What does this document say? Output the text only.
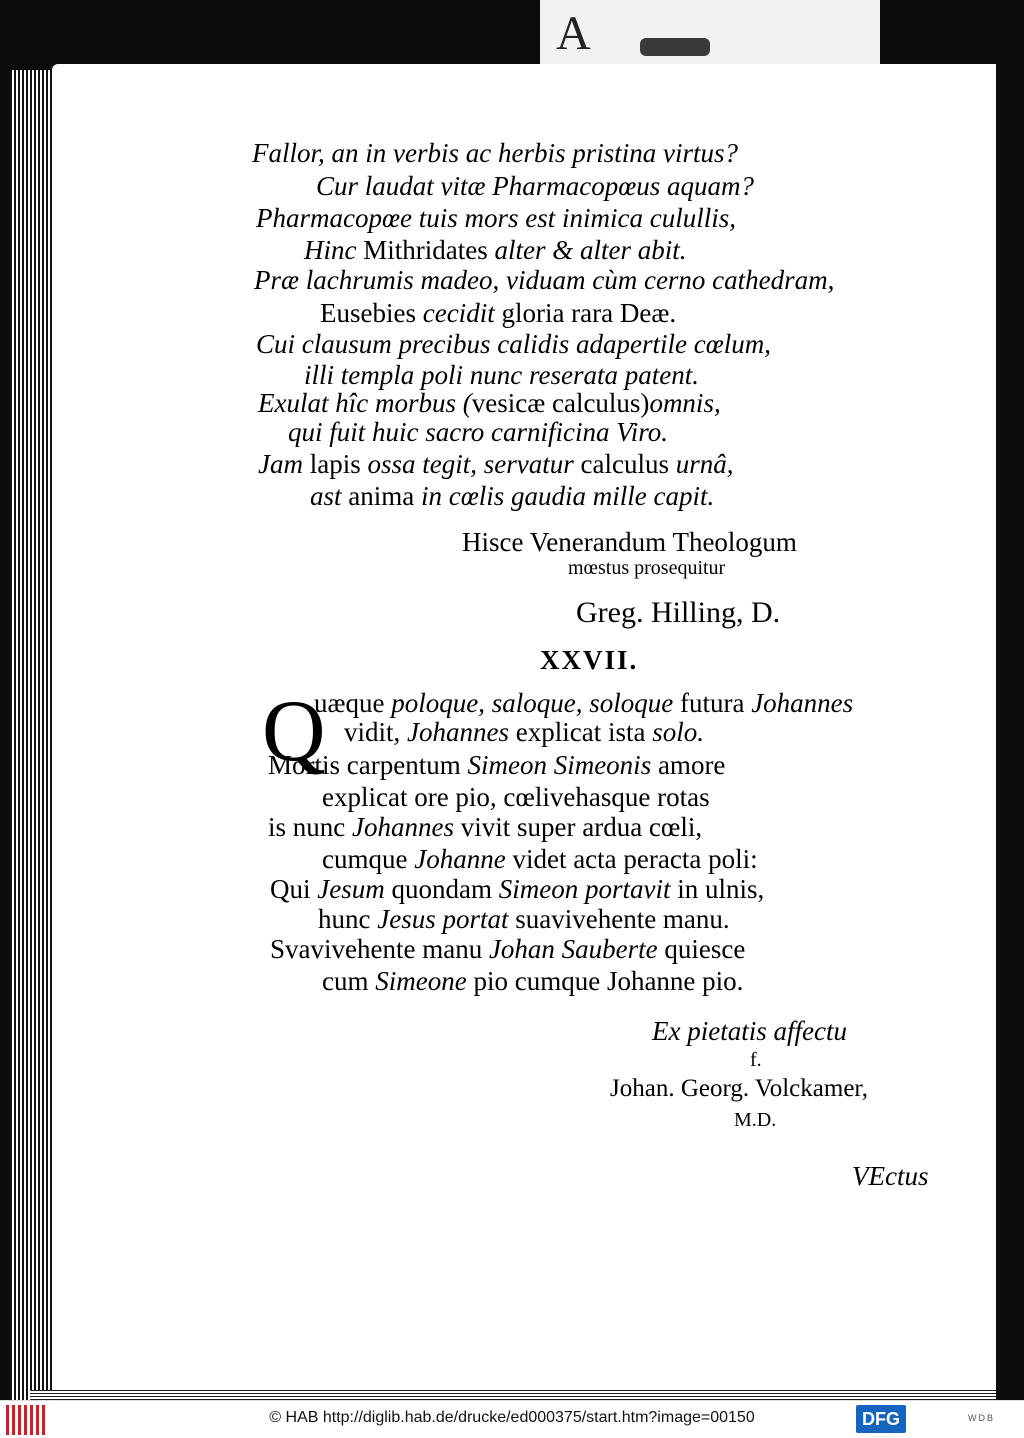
A
Fallor, an in verbis ac herbis pristina virtus?
Cur laudat vitæ Pharmacopœus aquam?
Pharmacopœe tuis mors est inimica culullis,
Hinc Mithridates alter & alter abit.
Præ lachrumis madeo, viduam cùm cerno cathedram,
Eusebies cecidit gloria rara Deæ.
Cui clausum precibus calidis adapertile cœlum,
illi templa poli nunc reserata patent.
Exulat hîc morbus (vesicæ calculus)omnis,
qui fuit huic sacro carnificina Viro.
Jam lapis ossa tegit, servatur calculus urnâ,
ast anima in cœlis gaudia mille capit.
Hisce Venerandum Theologum
mœstus prosequitur
Greg. Hilling, D.
XXVII.
Q
uæque poloque, saloque, soloque futura Johannes
vidit, Johannes explicat ista solo.
Mortis carpentum Simeon Simeonis amore
explicat ore pio, cœlivehasque rotas
is nunc Johannes vivit super ardua cœli,
cumque Johanne videt acta peracta poli:
Qui Jesum quondam Simeon portavit in ulnis,
hunc Jesus portat suavivehente manu.
Svavivehente manu Johan Sauberte quiesce
cum Simeone pio cumque Johanne pio.
Ex pietatis affectu
f.
Johan. Georg. Volckamer,
M.D.
VEctus
© HAB http://diglib.hab.de/drucke/ed000375/start.htm?image=00150	DFG	WDB
